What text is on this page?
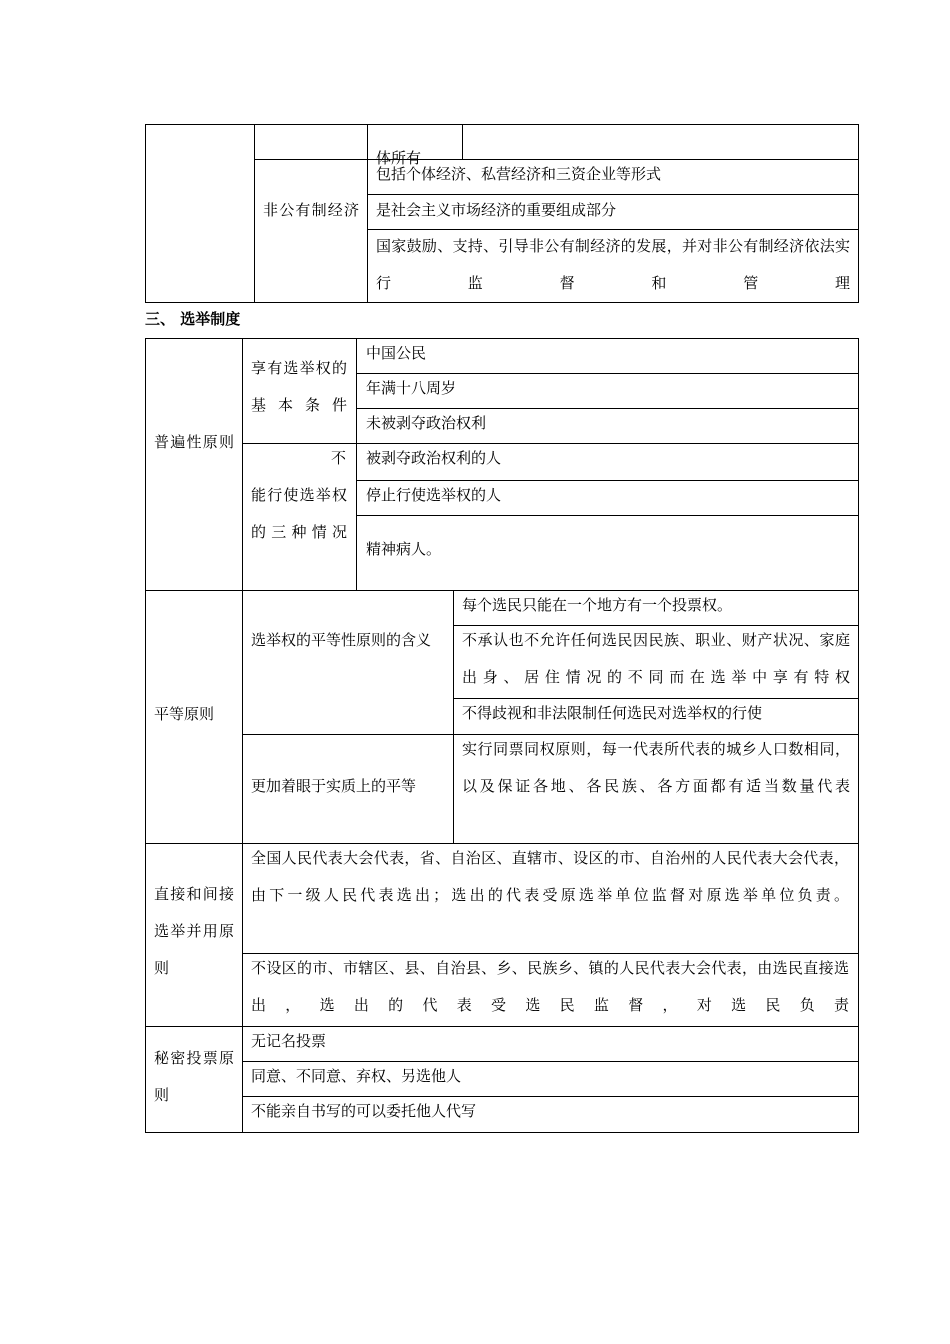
体所有
非公有制经济
包括个体经济、私营经济和三资企业等形式
是社会主义市场经济的重要组成部分
国家鼓励、支持、引导非公有制经济的发展，并对非公有制经济依法实行监督和管理
三、 选举制度
普遍性原则
享有选举权的基本条件
中国公民
年满十八周岁
未被剥夺政治权利
不能行使选举权的三种情况
被剥夺政治权利的人
停止行使选举权的人
精神病人。
平等原则
选举权的平等性原则的含义
每个选民只能在一个地方有一个投票权。
不承认也不允许任何选民因民族、职业、财产状况、家庭出身、居住情况的不同而在选举中享有特权
不得歧视和非法限制任何选民对选举权的行使
更加着眼于实质上的平等
实行同票同权原则，每一代表所代表的城乡人口数相同，以及保证各地、各民族、各方面都有适当数量代表
直接和间接选举并用原则
全国人民代表大会代表，省、自治区、直辖市、设区的市、自治州的人民代表大会代表，由下一级人民代表选出；选出的代表受原选举单位监督对原选举单位负责。
不设区的市、市辖区、县、自治县、乡、民族乡、镇的人民代表大会代表，由选民直接选出，选出的代表受选民监督，对选民负责
秘密投票原则
无记名投票
同意、不同意、弃权、另选他人
不能亲自书写的可以委托他人代写
